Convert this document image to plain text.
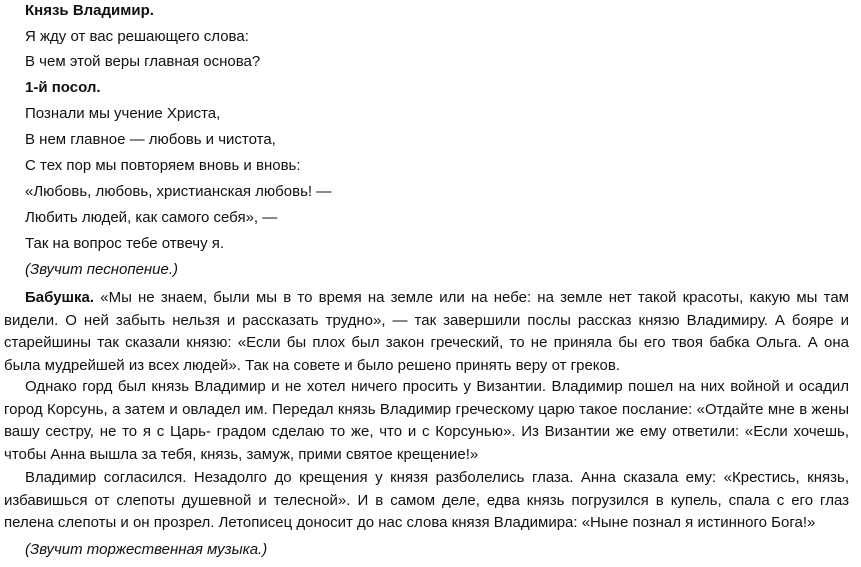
Князь Владимир.
Я жду от вас решающего слова:
В чем этой веры главная основа?
1-й посол.
Познали мы учение Христа,
В нем главное — любовь и чистота,
С тех пор мы повторяем вновь и вновь:
«Любовь, любовь, христианская любовь! —
Любить людей, как самого себя», —
Так на вопрос тебе отвечу я.
(Звучит песнопение.)
Бабушка. «Мы не знаем, были мы в то время на земле или на небе: на земле нет такой красоты, какую мы там видели. О ней забыть нельзя и рассказать трудно», — так завершили послы рассказ князю Владимиру. А бояре и старейшины так сказали князю: «Если бы плох был закон греческий, то не приняла бы его твоя бабка Ольга. А она была мудрейшей из всех людей». Так на совете и было решено принять веру от греков.
Однако горд был князь Владимир и не хотел ничего просить у Византии. Владимир пошел на них войной и осадил город Корсунь, а затем и овладел им. Передал князь Владимир греческому царю такое послание: «Отдайте мне в жены вашу сестру, не то я с Царь- градом сделаю то же, что и с Корсунью». Из Византии же ему ответили: «Если хочешь, чтобы Анна вышла за тебя, князь, замуж, прими святое крещение!»
Владимир согласился. Незадолго до крещения у князя разболелись глаза. Анна сказала ему: «Крестись, князь, избавишься от слепоты душевной и телесной». И в самом деле, едва князь погрузился в купель, спала с его глаз пелена слепоты и он прозрел. Летописец доносит до нас слова князя Владимира: «Ныне познал я истинного Бога!»
(Звучит торжественная музыка.)
